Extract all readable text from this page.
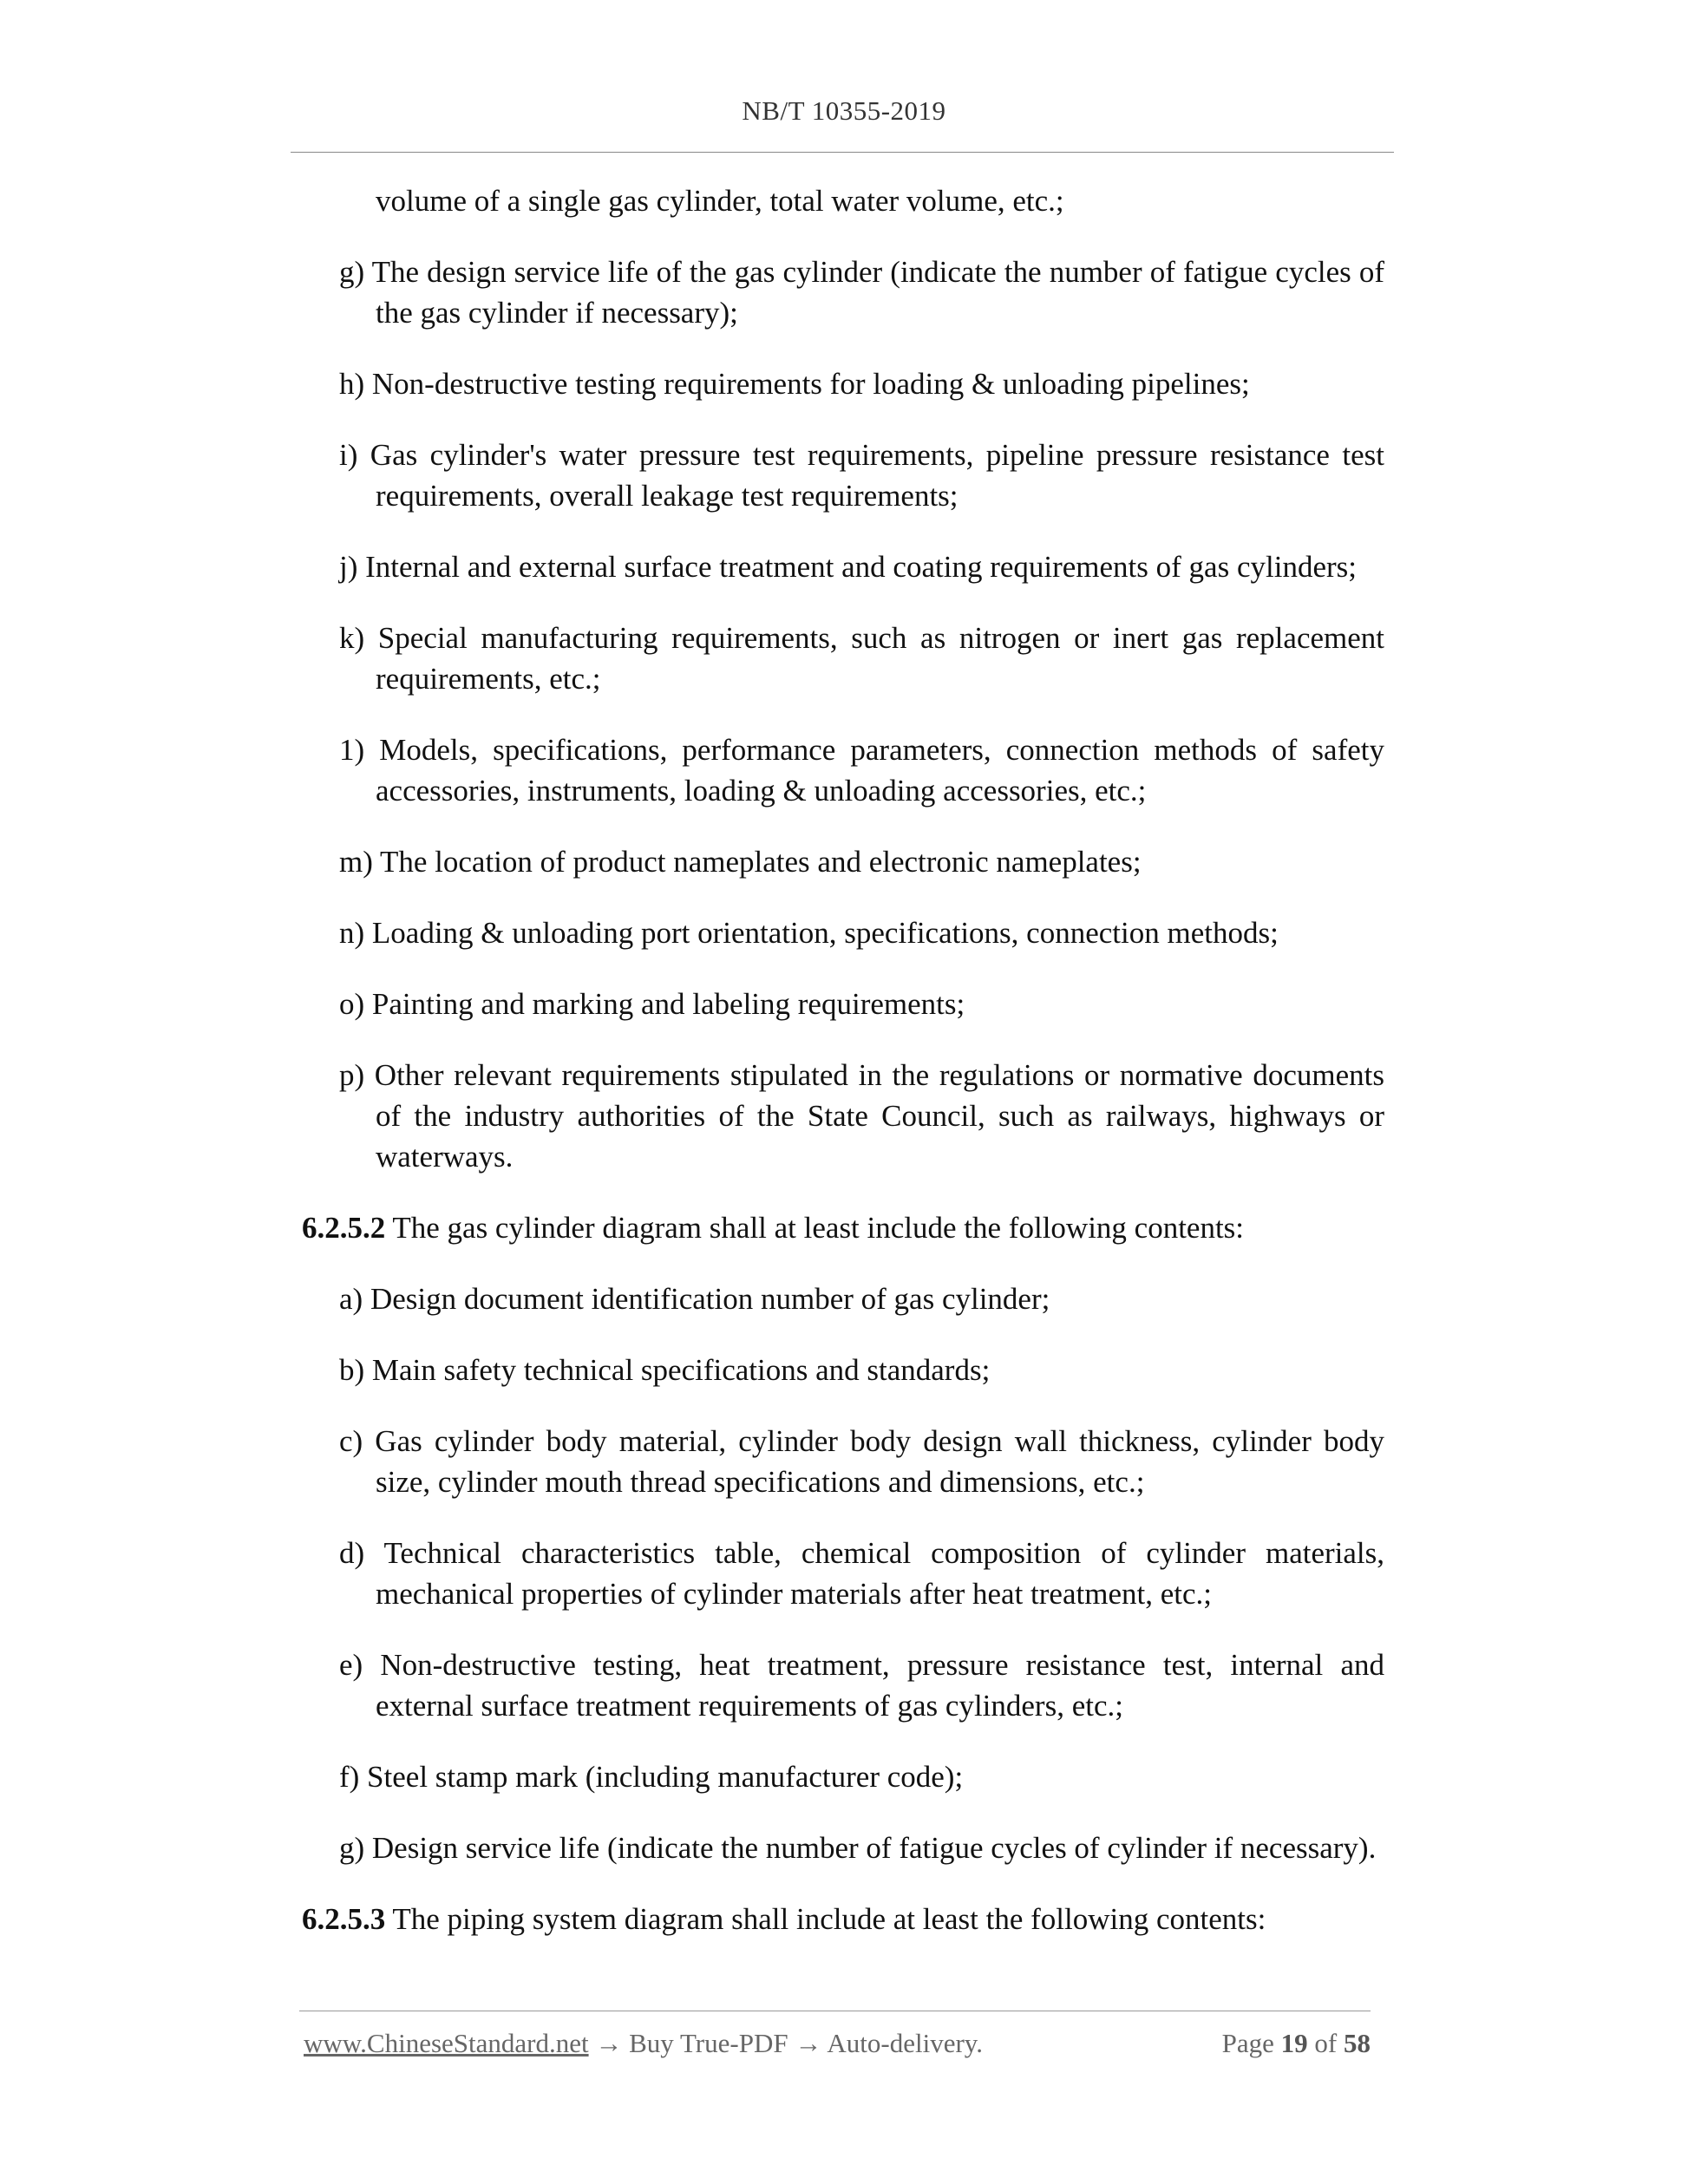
NB/T 10355-2019
volume of a single gas cylinder, total water volume, etc.;
g) The design service life of the gas cylinder (indicate the number of fatigue cycles of the gas cylinder if necessary);
h) Non-destructive testing requirements for loading & unloading pipelines;
i) Gas cylinder's water pressure test requirements, pipeline pressure resistance test requirements, overall leakage test requirements;
j) Internal and external surface treatment and coating requirements of gas cylinders;
k) Special manufacturing requirements, such as nitrogen or inert gas replacement requirements, etc.;
1) Models, specifications, performance parameters, connection methods of safety accessories, instruments, loading & unloading accessories, etc.;
m) The location of product nameplates and electronic nameplates;
n) Loading & unloading port orientation, specifications, connection methods;
o) Painting and marking and labeling requirements;
p) Other relevant requirements stipulated in the regulations or normative documents of the industry authorities of the State Council, such as railways, highways or waterways.
6.2.5.2 The gas cylinder diagram shall at least include the following contents:
a) Design document identification number of gas cylinder;
b) Main safety technical specifications and standards;
c) Gas cylinder body material, cylinder body design wall thickness, cylinder body size, cylinder mouth thread specifications and dimensions, etc.;
d) Technical characteristics table, chemical composition of cylinder materials, mechanical properties of cylinder materials after heat treatment, etc.;
e) Non-destructive testing, heat treatment, pressure resistance test, internal and external surface treatment requirements of gas cylinders, etc.;
f) Steel stamp mark (including manufacturer code);
g) Design service life (indicate the number of fatigue cycles of cylinder if necessary).
6.2.5.3 The piping system diagram shall include at least the following contents:
www.ChineseStandard.net → Buy True-PDF → Auto-delivery.	Page 19 of 58
